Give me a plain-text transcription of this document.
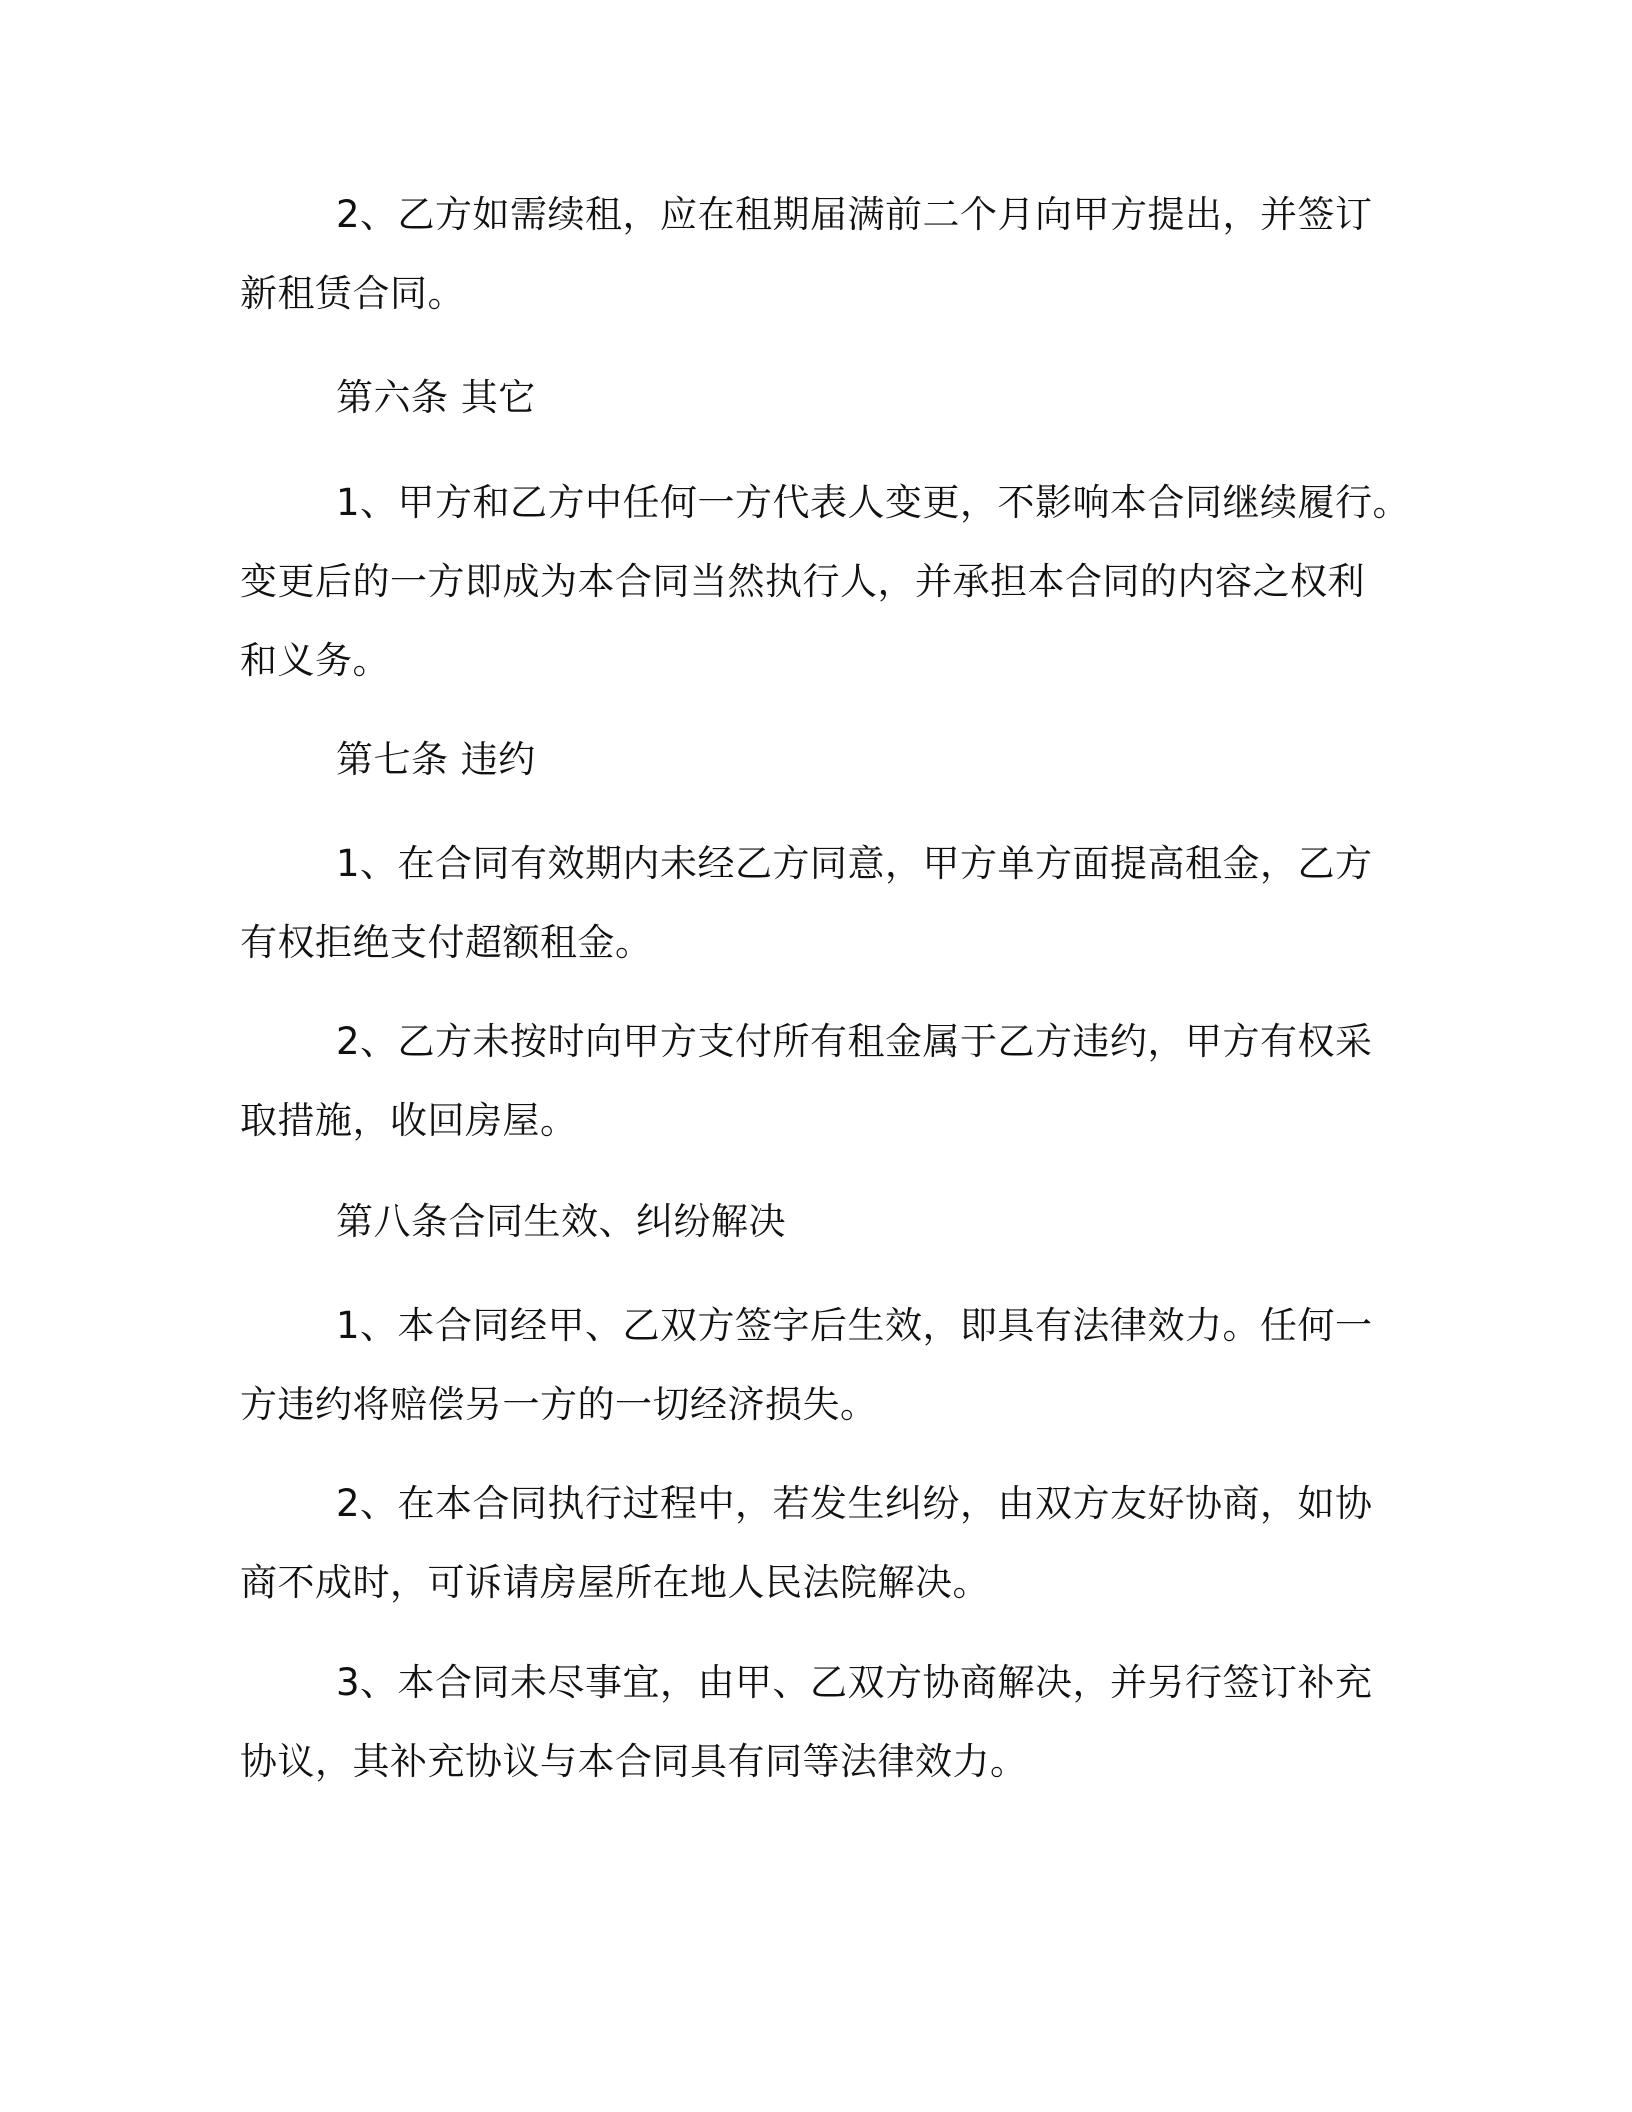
2、乙方如需续租，应在租期届满前二个月向甲方提出，并签订
新租赁合同。
第六条 其它
1、甲方和乙方中任何一方代表人变更，不影响本合同继续履行。
变更后的一方即成为本合同当然执行人，并承担本合同的内容之权利
和义务。
第七条 违约
1、在合同有效期内未经乙方同意，甲方单方面提高租金，乙方
有权拒绝支付超额租金。
2、乙方未按时向甲方支付所有租金属于乙方违约，甲方有权采
取措施，收回房屋。
第八条合同生效、纠纷解决
1、本合同经甲、乙双方签字后生效，即具有法律效力。任何一
方违约将赔偿另一方的一切经济损失。
2、在本合同执行过程中，若发生纠纷，由双方友好协商，如协
商不成时，可诉请房屋所在地人民法院解决。
3、本合同未尽事宜，由甲、乙双方协商解决，并另行签订补充
协议，其补充协议与本合同具有同等法律效力。
